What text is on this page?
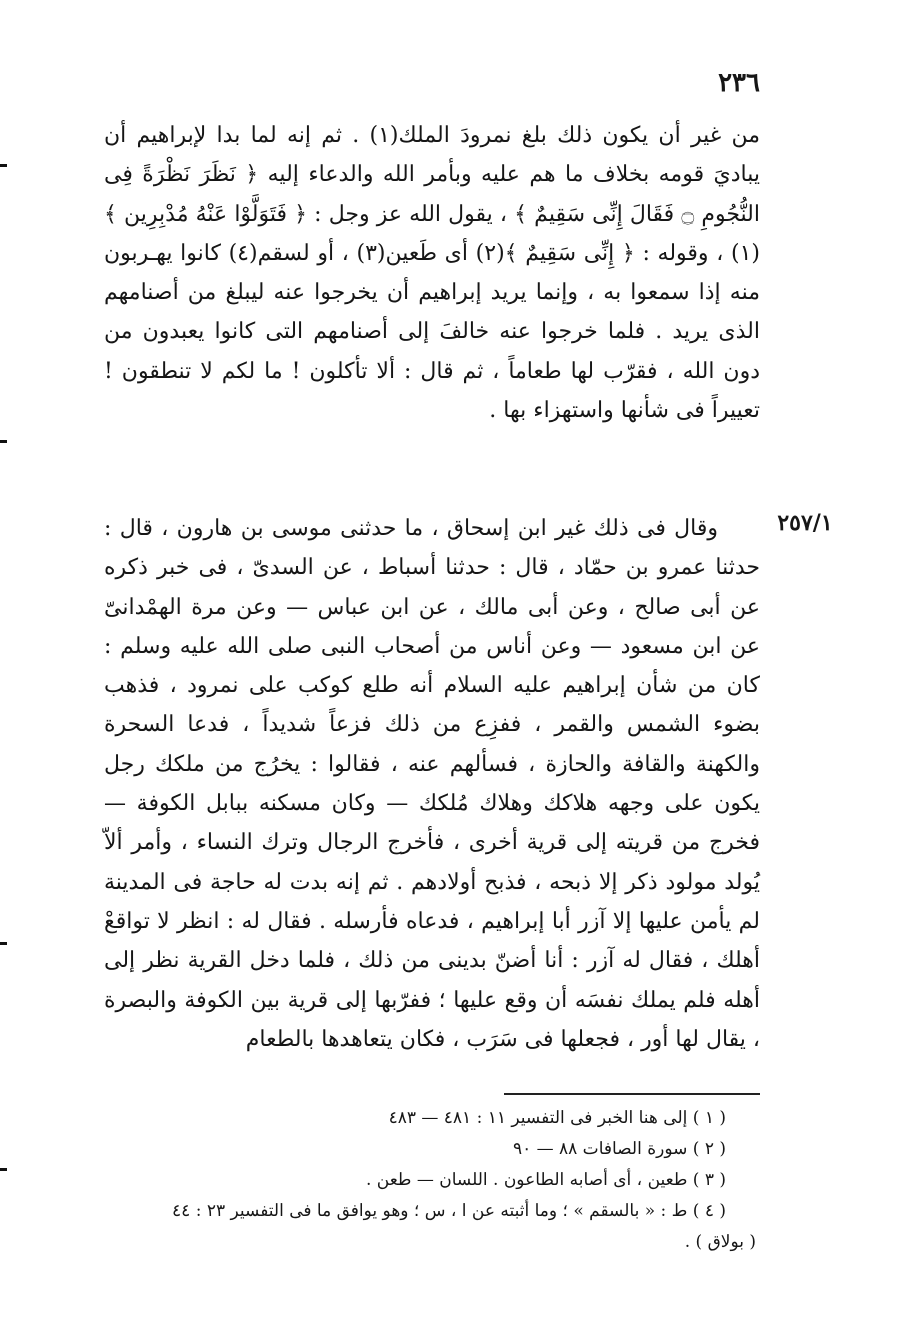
٢٣٦
من غير أن يكون ذلك بلغ نمرودَ الملك(١) . ثم إنه لما بدا لإبراهيم أن يباديَ قومه بخلاف ما هم عليه وبأمر الله والدعاء إليه ﴿ نَظَرَ نَظْرَةً فِى النُّجُومِ ۝ فَقَالَ إِنِّى سَقِيمٌ ﴾ ، يقول الله عز وجل : ﴿ فَتَوَلَّوْا عَنْهُ مُدْبِرِين ﴾(١) ، وقوله : ﴿ إِنِّى سَقِيمٌ ﴾(٢) أى طَعين(٣) ، أو لسقم(٤) كانوا يهـربون منه إذا سمعوا به ، وإنما يريد إبراهيم أن يخرجوا عنه ليبلغ من أصنامهم الذى يريد . فلما خرجوا عنه خالفَ إلى أصنامهم التى كانوا يعبدون من دون الله ، فقرّب لها طعاماً ، ثم قال : ألا تأكلون ! ما لكم لا تنطقون ! تعييراً فى شأنها واستهزاء بها .
٢٥٧/١
وقال فى ذلك غير ابن إسحاق ، ما حدثنى موسى بن هارون ، قال : حدثنا عمرو بن حمّاد ، قال : حدثنا أسباط ، عن السدىّ ، فى خبر ذكره عن أبى صالح ، وعن أبى مالك ، عن ابن عباس — وعن مرة الهمْدانىّ عن ابن مسعود — وعن أناس من أصحاب النبى صلى الله عليه وسلم : كان من شأن إبراهيم عليه السلام أنه طلع كوكب على نمرود ، فذهب بضوء الشمس والقمر ، ففزِع من ذلك فزعاً شديداً ، فدعا السحرة والكهنة والقافة والحازة ، فسألهم عنه ، فقالوا : يخرُج من ملكك رجل يكون على وجهه هلاكك وهلاك مُلكك — وكان مسكنه ببابل الكوفة — فخرج من قريته إلى قرية أخرى ، فأخرج الرجال وترك النساء ، وأمر ألاّ يُولد مولود ذكر إلا ذبحه ، فذبح أولادهم . ثم إنه بدت له حاجة فى المدينة لم يأمن عليها إلا آزر أبا إبراهيم ، فدعاه فأرسله . فقال له : انظر لا تواقعْ أهلك ، فقال له آزر : أنا أضنّ بدينى من ذلك ، فلما دخل القرية نظر إلى أهله فلم يملك نفسَه أن وقع عليها ؛ ففرّبها إلى قرية بين الكوفة والبصرة ، يقال لها أور ، فجعلها فى سَرَب ، فكان يتعاهدها بالطعام
( ١ ) إلى هنا الخبر فى التفسير ١١ : ٤٨١ — ٤٨٣
( ٢ ) سورة الصافات ٨٨ — ٩٠
( ٣ ) طعين ، أى أصابه الطاعون . اللسان — طعن .
( ٤ ) ط : « بالسقم » ؛ وما أثبته عن ا ، س ؛ وهو يوافق ما فى التفسير ٢٣ : ٤٤
( بولاق ) .
